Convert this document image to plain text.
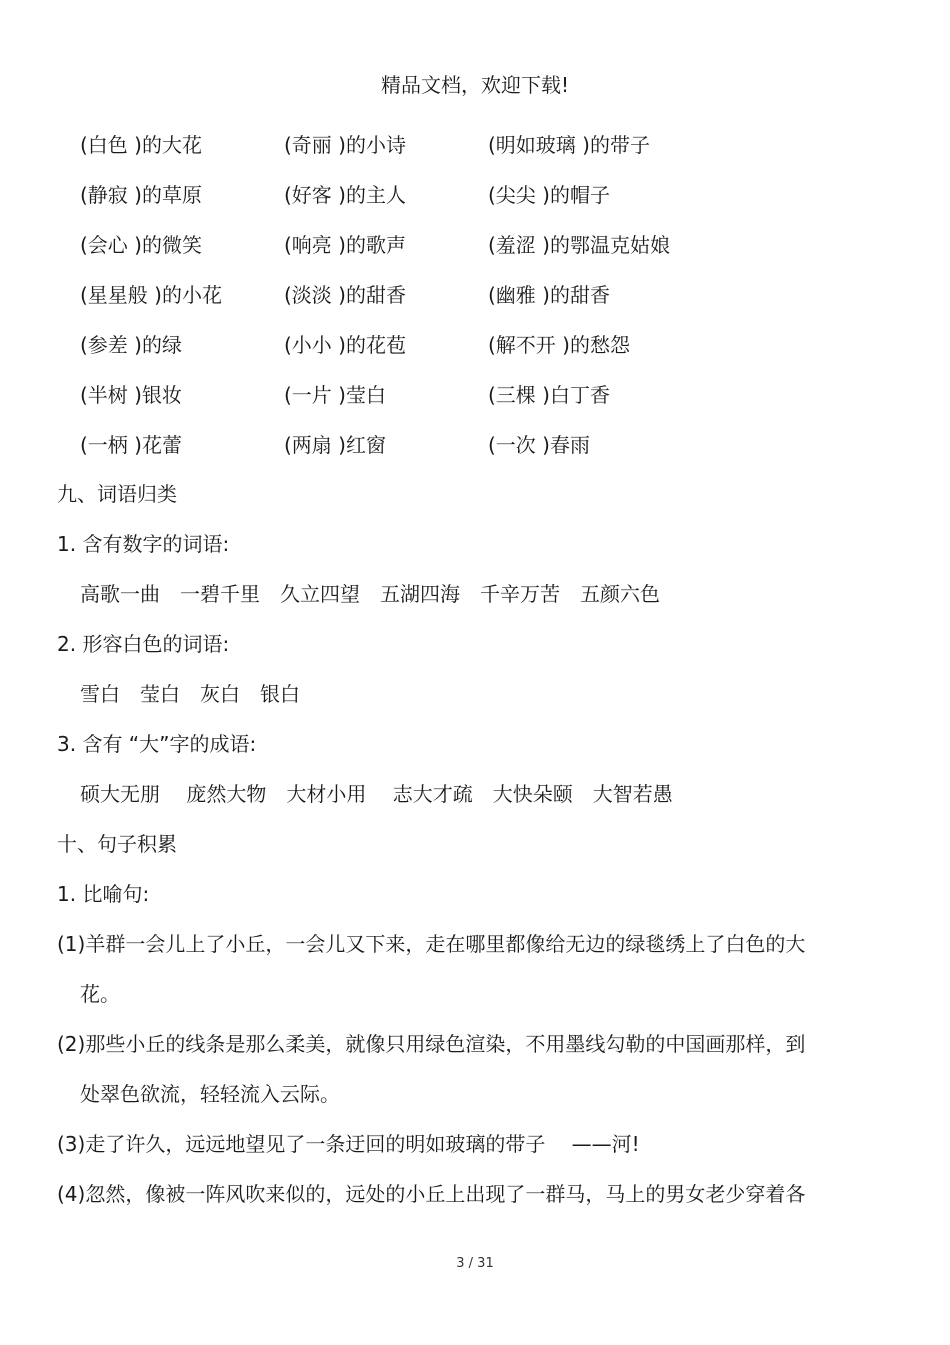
精品文档，欢迎下载!
(白色 )的大花	(奇丽 )的小诗	(明如玻璃 )的带子
(静寂 )的草原	(好客 )的主人	(尖尖 )的帽子
(会心 )的微笑	(响亮 )的歌声	(羞涩 )的鄂温克姑娘
(星星般 )的小花	(淡淡 )的甜香	(幽雅 )的甜香
(参差 )的绿	(小小 )的花苞	(解不开 )的愁怨
(半树 )银妆	(一片 )莹白	(三棵 )白丁香
(一柄 )花蕾	(两扇 )红窗	(一次 )春雨
九、词语归类
1. 含有数字的词语:
高歌一曲　一碧千里　久立四望　五湖四海　千辛万苦　五颜六色
2. 形容白色的词语:
雪白　莹白　灰白　银白
3. 含有 “大”字的成语:
硕大无朋　 庞然大物　大材小用　 志大才疏　大快朵颐　大智若愚
十、句子积累
1. 比喻句:
(1)羊群一会儿上了小丘，一会儿又下来，走在哪里都像给无边的绿毯绣上了白色的大
花。
(2)那些小丘的线条是那么柔美，就像只用绿色渲染，不用墨线勾勒的中国画那样，到
处翠色欲流，轻轻流入云际。
(3)走了许久，远远地望见了一条迂回的明如玻璃的带子　 ——河!
(4)忽然，像被一阵风吹来似的，远处的小丘上出现了一群马，马上的男女老少穿着各
3 / 31
